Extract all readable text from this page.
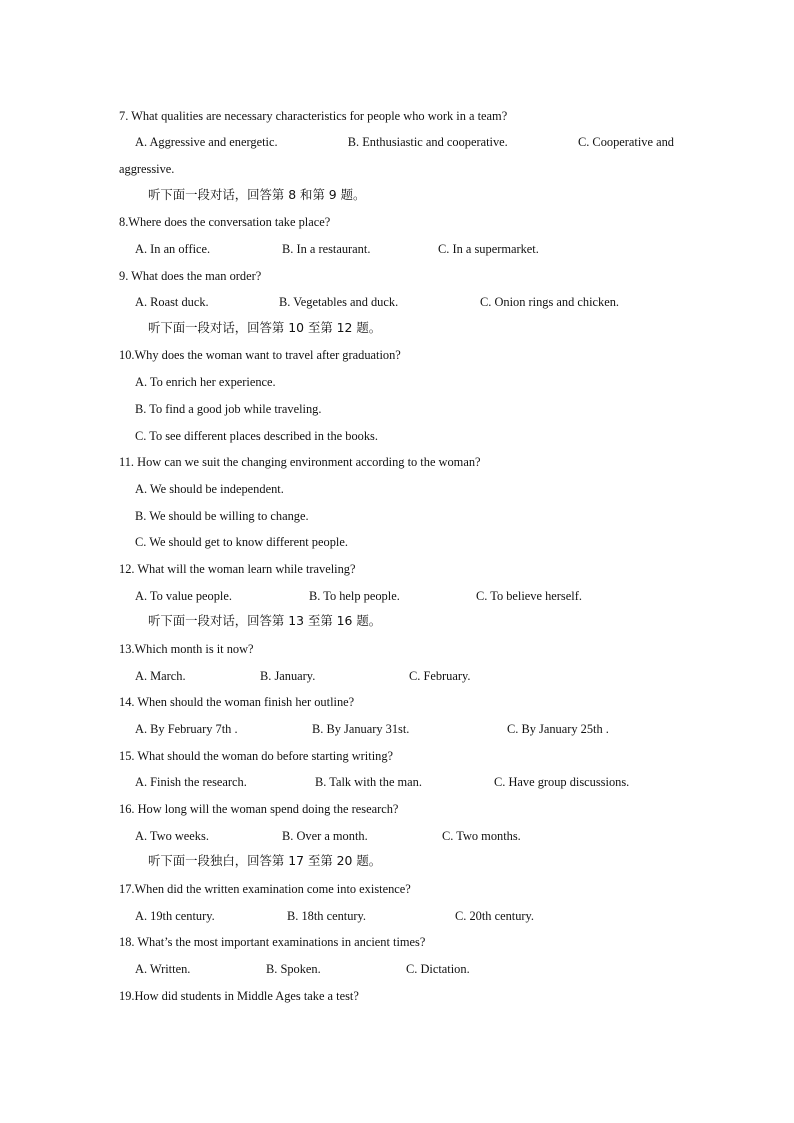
7. What qualities are necessary characteristics for people who work in a team?
A. Aggressive and energetic.	B. Enthusiastic and cooperative.	C. Cooperative and
aggressive.
听下面一段对话，回答第 8 和第 9 题。
8.Where does the conversation take place?
A. In an office.	B. In a restaurant.	C. In a supermarket.
9. What does the man order?
A. Roast duck.	B. Vegetables and duck.	C. Onion rings and chicken.
听下面一段对话，回答第 10 至第 12 题。
10.Why does the woman want to travel after graduation?
A. To enrich her experience.
B. To find a good job while traveling.
C. To see different places described in the books.
11. How can we suit the changing environment according to the woman?
A. We should be independent.
B. We should be willing to change.
C. We should get to know different people.
12. What will the woman learn while traveling?
A. To value people.	B. To help people.	C. To believe herself.
听下面一段对话，回答第 13 至第 16 题。
13.Which month is it now?
A. March.	B. January.	C. February.
14. When should the woman finish her outline?
A. By February 7th .	B. By January 31st.	C. By January 25th .
15. What should the woman do before starting writing?
A. Finish the research.	B. Talk with the man.	C. Have group discussions.
16. How long will the woman spend doing the research?
A. Two weeks.	B. Over a month.	C. Two months.
听下面一段独白，回答第 17 至第 20 题。
17.When did the written examination come into existence?
A. 19th century.	B. 18th century.	C. 20th century.
18. What’s the most important examinations in ancient times?
A. Written.	B. Spoken.	C. Dictation.
19.How did students in Middle Ages take a test?
